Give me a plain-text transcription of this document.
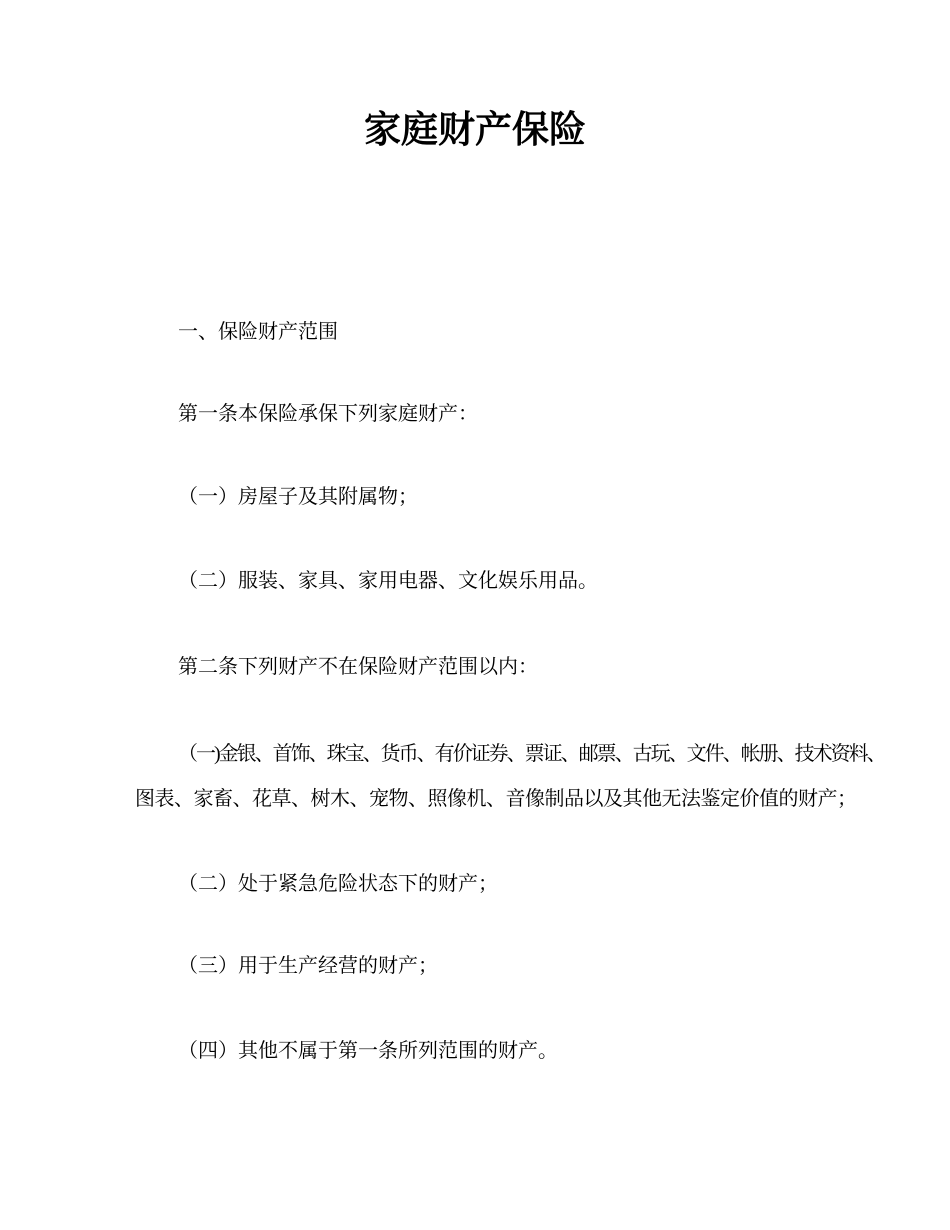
家庭财产保险
一、保险财产范围
第一条本保险承保下列家庭财产：
（一）房屋子及其附属物；
（二）服装、家具、家用电器、文化娱乐用品。
第二条下列财产不在保险财产范围以内：
（一)金银、首饰、珠宝、货币、有价证券、票证、邮票、古玩、文件、帐册、技术资料、
图表、家畜、花草、树木、宠物、照像机、音像制品以及其他无法鉴定价值的财产；
（二）处于紧急危险状态下的财产；
（三）用于生产经营的财产；
（四）其他不属于第一条所列范围的财产。
